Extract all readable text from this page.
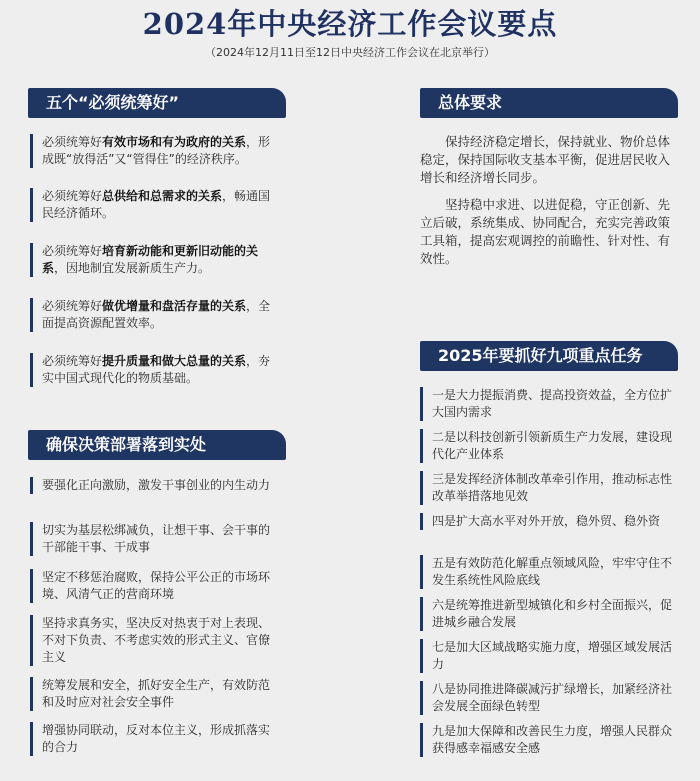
2024年中央经济工作会议要点
（2024年12月11日至12日中央经济工作会议在北京举行）
五个“必须统筹好”
必须统筹好有效市场和有为政府的关系，形成既“放得活”又“管得住”的经济秩序。
必须统筹好总供给和总需求的关系，畅通国民经济循环。
必须统筹好培育新动能和更新旧动能的关系，因地制宜发展新质生产力。
必须统筹好做优增量和盘活存量的关系，全面提高资源配置效率。
必须统筹好提升质量和做大总量的关系，夯实中国式现代化的物质基础。
确保决策部署落到实处
要强化正向激励，激发干事创业的内生动力
切实为基层松绑减负，让想干事、会干事的干部能干事、干成事
坚定不移惩治腐败，保持公平公正的市场环境、风清气正的营商环境
坚持求真务实，坚决反对热衷于对上表现、不对下负责、不考虑实效的形式主义、官僚主义
统筹发展和安全，抓好安全生产，有效防范和及时应对社会安全事件
增强协同联动，反对本位主义，形成抓落实的合力
总体要求
保持经济稳定增长，保持就业、物价总体稳定，保持国际收支基本平衡，促进居民收入增长和经济增长同步。
坚持稳中求进、以进促稳，守正创新、先立后破，系统集成、协同配合，充实完善政策工具箱，提高宏观调控的前瞻性、针对性、有效性。
2025年要抓好九项重点任务
一是大力提振消费、提高投资效益，全方位扩大国内需求
二是以科技创新引领新质生产力发展，建设现代化产业体系
三是发挥经济体制改革牵引作用，推动标志性改革举措落地见效
四是扩大高水平对外开放，稳外贸、稳外资
五是有效防范化解重点领域风险，牢牢守住不发生系统性风险底线
六是统筹推进新型城镇化和乡村全面振兴，促进城乡融合发展
七是加大区域战略实施力度，增强区域发展活力
八是协同推进降碳减污扩绿增长，加紧经济社会发展全面绿色转型
九是加大保障和改善民生力度，增强人民群众获得感幸福感安全感
